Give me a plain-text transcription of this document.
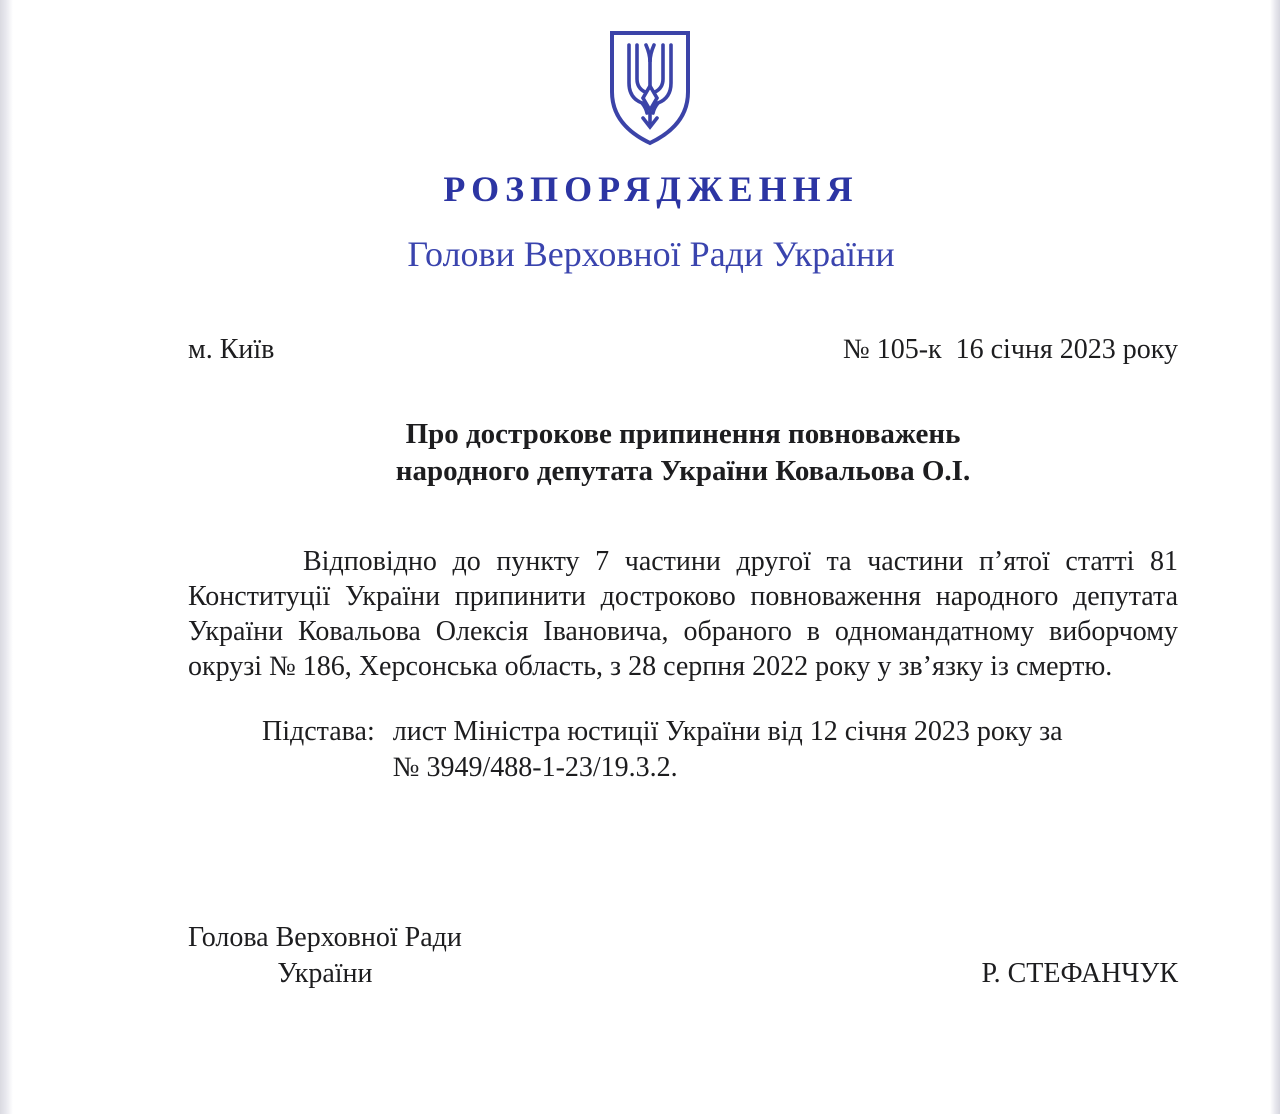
РОЗПОРЯДЖЕННЯ
Голови Верховної Ради України
м. Київ	№ 105-к  16 січня 2023 року
Про дострокове припинення повноважень
народного депутата України Ковальова О.І.
Відповідно до пункту 7 частини другої та частини п’ятої статті 81 Конституції України припинити достроково повноваження народного депутата України Ковальова Олексія Івановича, обраного в одномандатному виборчому окрузі № 186, Херсонська область, з 28 серпня 2022 року у зв’язку із смертю.
Підстава: лист Міністра юстиції України від 12 січня 2023 року за
№ 3949/488-1-23/19.3.2.
Голова Верховної Ради
України	Р. СТЕФАНЧУК
